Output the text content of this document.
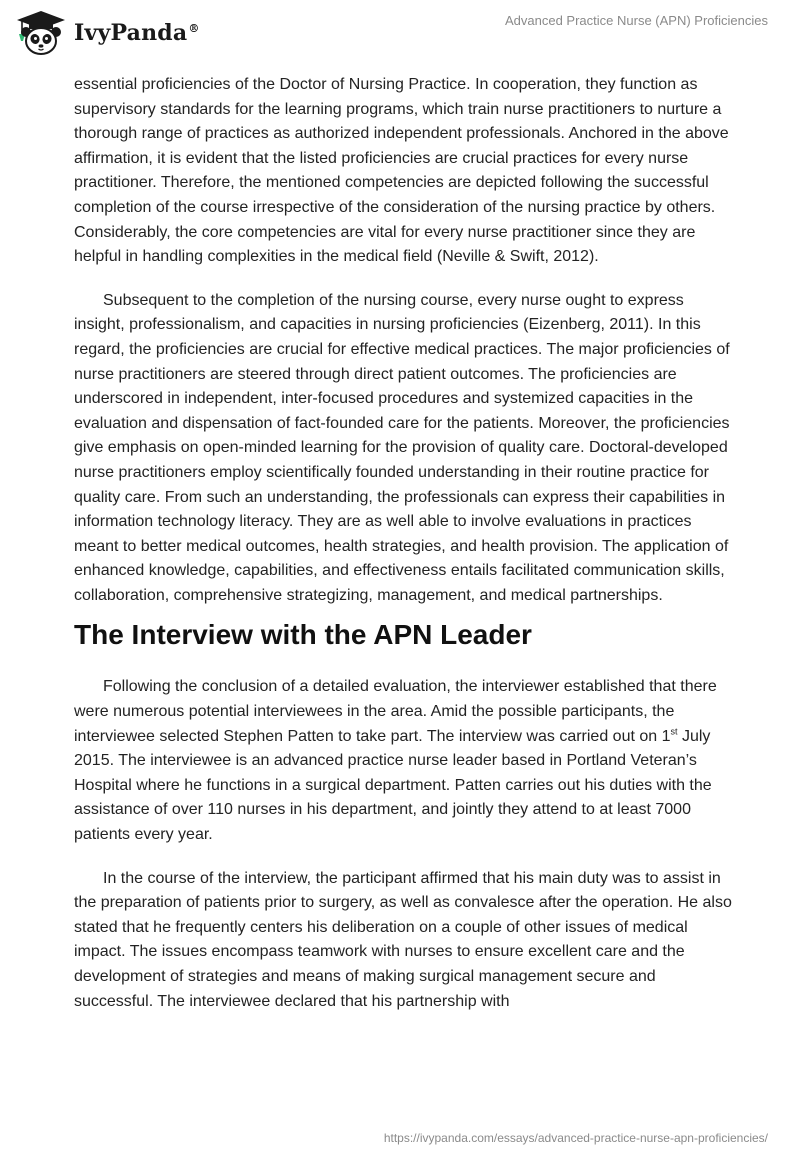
IvyPanda®
Advanced Practice Nurse (APN) Proficiencies

essential proficiencies of the Doctor of Nursing Practice. In cooperation, they function as supervisory standards for the learning programs, which train nurse practitioners to nurture a thorough range of practices as authorized independent professionals. Anchored in the above affirmation, it is evident that the listed proficiencies are crucial practices for every nurse practitioner. Therefore, the mentioned competencies are depicted following the successful completion of the course irrespective of the consideration of the nursing practice by others. Considerably, the core competencies are vital for every nurse practitioner since they are helpful in handling complexities in the medical field (Neville & Swift, 2012).

Subsequent to the completion of the nursing course, every nurse ought to express insight, professionalism, and capacities in nursing proficiencies (Eizenberg, 2011). In this regard, the proficiencies are crucial for effective medical practices. The major proficiencies of nurse practitioners are steered through direct patient outcomes. The proficiencies are underscored in independent, inter-focused procedures and systemized capacities in the evaluation and dispensation of fact-founded care for the patients. Moreover, the proficiencies give emphasis on open-minded learning for the provision of quality care. Doctoral-developed nurse practitioners employ scientifically founded understanding in their routine practice for quality care. From such an understanding, the professionals can express their capabilities in information technology literacy. They are as well able to involve evaluations in practices meant to better medical outcomes, health strategies, and health provision. The application of enhanced knowledge, capabilities, and effectiveness entails facilitated communication skills, collaboration, comprehensive strategizing, management, and medical partnerships.

The Interview with the APN Leader

Following the conclusion of a detailed evaluation, the interviewer established that there were numerous potential interviewees in the area. Amid the possible participants, the interviewee selected Stephen Patten to take part. The interview was carried out on 1st July 2015. The interviewee is an advanced practice nurse leader based in Portland Veteran’s Hospital where he functions in a surgical department. Patten carries out his duties with the assistance of over 110 nurses in his department, and jointly they attend to at least 7000 patients every year.

In the course of the interview, the participant affirmed that his main duty was to assist in the preparation of patients prior to surgery, as well as convalesce after the operation. He also stated that he frequently centers his deliberation on a couple of other issues of medical impact. The issues encompass teamwork with nurses to ensure excellent care and the development of strategies and means of making surgical management secure and successful. The interviewee declared that his partnership with

https://ivypanda.com/essays/advanced-practice-nurse-apn-proficiencies/
